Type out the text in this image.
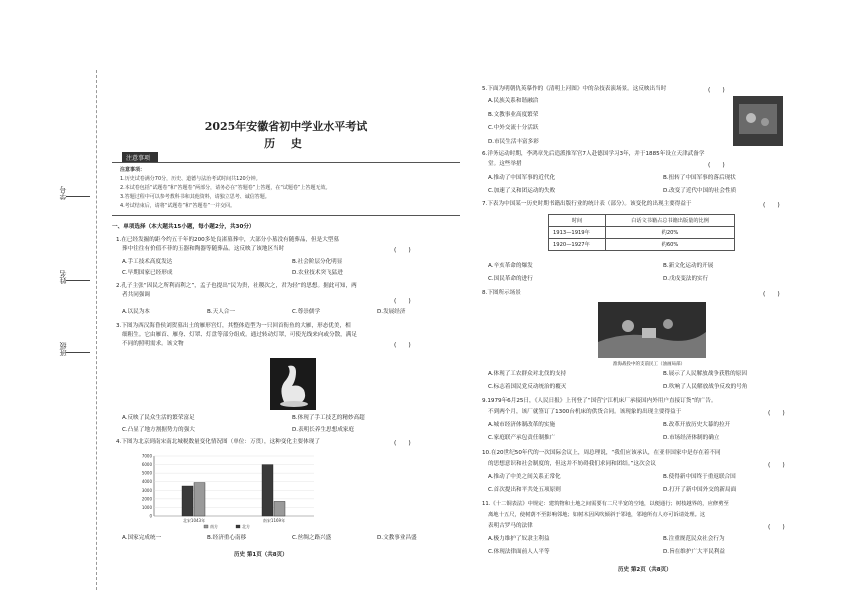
学号
姓名
班级
2025年安徽省初中学业水平考试
历 史
注意事项
注意事项：
1.历史试卷满分70分，历史、道德与法治考试时间共120分钟。
2.本试卷包括“试题卷”和“答题卷”两部分，请务必在“答题卷”上答题，在“试题卷”上答题无效。
3.答题过程中可以参考教科书和其他资料，请独立思考、诚信答题。
4.考试结束后，请将“试题卷”和“答题卷”一并交回。
一、单项选择（本大题共15小题，每小题2分，共30分）
1.在已经发掘的距今约五千年的200多处良渚墓葬中，大部分小墓没有随葬品，但是大型墓
葬中往往有价值不菲的玉器和陶器等随葬品。这反映了该地区当时	(　　)
A.手工技术高度发达	B.社会阶层分化明显
C.早期国家已经形成	D.农业技术突飞猛进
2.孔子主张“因民之所利而利之”，孟子也提出“民为贵，社稷次之，君为轻”的思想。据此可知，两
者共同强调
(　　)
A.以民为本	B.天人合一	C.尊崇儒学	D.发展经济
3.下图为西汉海昏侯刘贺墓出土的雁形宫灯，其整体造型为一只回首衔鱼的大雁，形态优美，相
细粗生。它由雁首、雁身、灯罩、灯盘等部分组成。通过转动灯罩，可使光线来向或分散，满足
不同的照明需求。该文物	(　　)
A.反映了民众生活的繁荣富足	B.体现了手工技艺的精妙高超
C.凸显了地方割据势力的强大	D.表明长养生思想成家庭
4.下图为北京到南宋南北城税数量变化情况图（单位：万贯），这种变化主要体现了	(　　)
0
1000
2000
3000
4000
5000
6000
7000
北宋1043年	南宋1169年
南方	北方
A.国家完成统一	B.经济重心南移	C.丝绸之路兴盛	D.文教事业昌盛
历史 第1页（共8页）
5.下面为明朝仇英摹作的《清明上河图》中的杂技表演场景。这反映出当时	(　　)
A.民族关系和谐融洽
B.文教事业高度繁荣
C.中外交流十分活跃
D.市民生活丰富多彩
6.洋务运动时期，李鸿章先后造派推军官7人赴德国学习3年，并于1885年设立天津武备学
堂。这些举措	(　　)
A.推动了中国军事的近代化	B.扭转了中国军事的落后现状
C.加速了义和团运动的失败	D.改变了近代中国的社会性质
7.下表为中国某一历史时期书籍出版行业的统计表（部分）。该变化的出现主要得益于	(　　)
时间	白话文书籍占总书籍出版量的比例
1913—1919年	约20%
1920—1927年	约60%
A.辛亥革命的爆发	B.新文化运动的开展
C.国民革命的进行	D.戊戌变法的实行
8.下图所示场景	(　　)
淮海战役中的支前民工（油画局部）
A.体现了工农群众对北伐的支持	B.展示了人民解放战争获胜的原因
C.标志着国民党反动统治的覆灭	D.吹响了人民解放战争反攻的号角
9.1979年6月25日，《人民日报》上刊登了“国营宁江机床厂承接国内外用户直接订货”的广告。
不到两个月，该厂就签订了1300台机床的供货合同。该现象的出现主要得益于	(　　)
A.城市经济体制改革的实施	B.改革开放历史大幕的拉开
C.家庭联产承包责任制推广	D.市场经济体制的确立
10.在20世纪50年代的一次国际会议上，周总理说，“我们应该承认，在亚非国家中是存在着不同
的思想意识和社会制度的，但这并不妨碍我们求同和团结。”这次会议	(　　)
A.推动了中美之间关系正常化	B.使得新中国终于重返联合国
C.首次提出和平共处五项原则	D.打开了新中国外交的新局面
11.《十二铜表法》中规定：建筑物和土地之间需要有二尺半宽的空地，以便通行；树枝越界的，应修剪至
离地十五尺，使树荫不至影响邻地；如树木因风吹倾斜于邻地，邻地所有人亦可诉请处理。这
表明古罗马的法律	(　　)
A.极力维护了奴隶主利益	B.注重规范民众社会行为
C.体现法律面前人人平等	D.旨在维护广大平民利益
历史 第2页（共8页）
